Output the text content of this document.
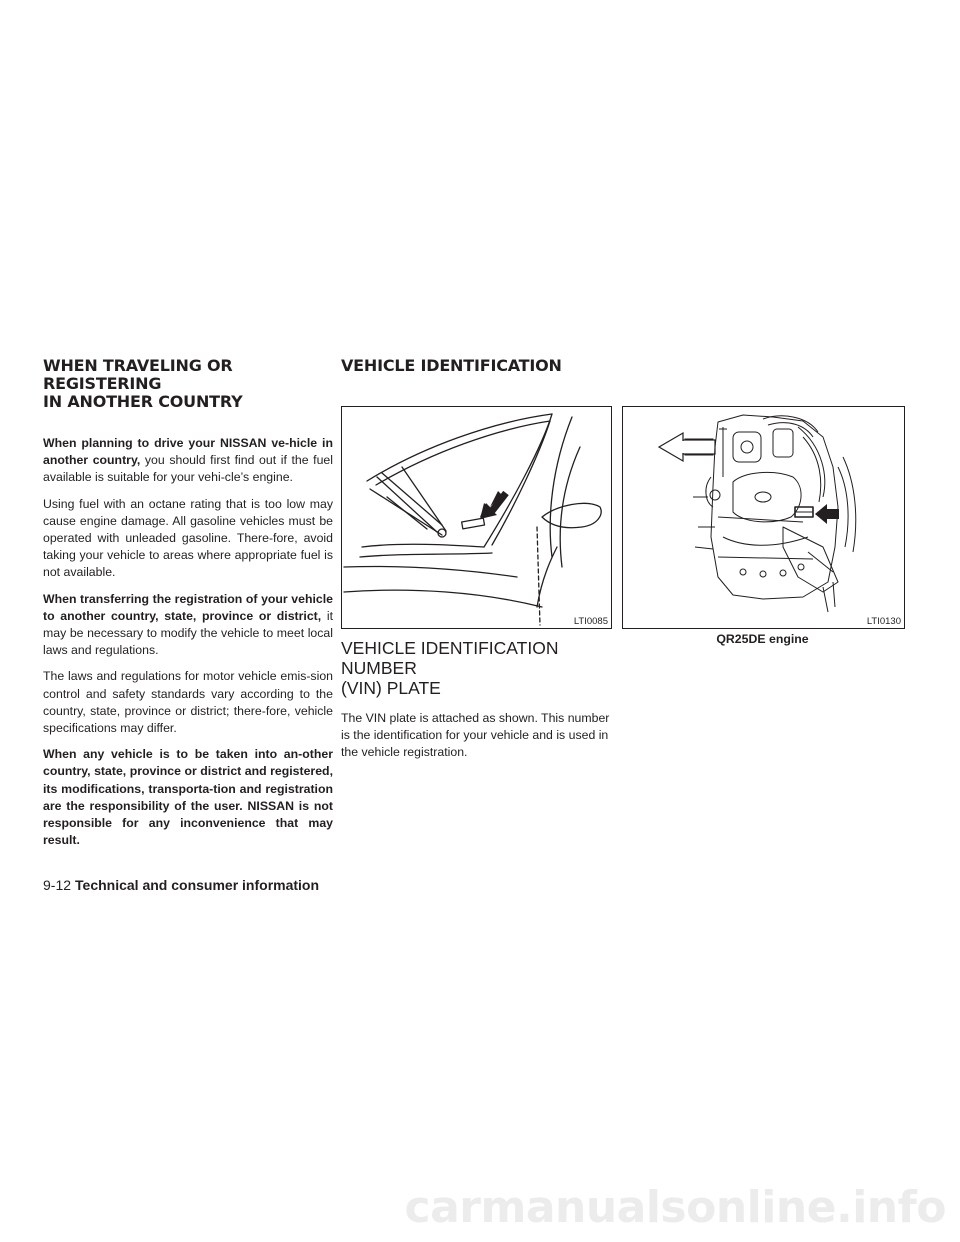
WHEN TRAVELING OR REGISTERING
IN ANOTHER COUNTRY

When planning to drive your NISSAN ve-hicle in another country, you should first find out if the fuel available is suitable for your vehi-cle’s engine.

Using fuel with an octane rating that is too low may cause engine damage. All gasoline vehicles must be operated with unleaded gasoline. There-fore, avoid taking your vehicle to areas where appropriate fuel is not available.

When transferring the registration of your vehicle to another country, state, province or district, it may be necessary to modify the vehicle to meet local laws and regulations.

The laws and regulations for motor vehicle emis-sion control and safety standards vary according to the country, state, province or district; there-fore, vehicle specifications may differ.

When any vehicle is to be taken into an-other country, state, province or district and registered, its modifications, transporta-tion and registration are the responsibility of the user. NISSAN is not responsible for any inconvenience that may result.

VEHICLE IDENTIFICATION
LTI0085	LTI0130
QR25DE engine
VEHICLE IDENTIFICATION NUMBER
(VIN) PLATE

The VIN plate is attached as shown. This number is the identification for your vehicle and is used in the vehicle registration.

9-12 Technical and consumer information
carmanualsonline.info
